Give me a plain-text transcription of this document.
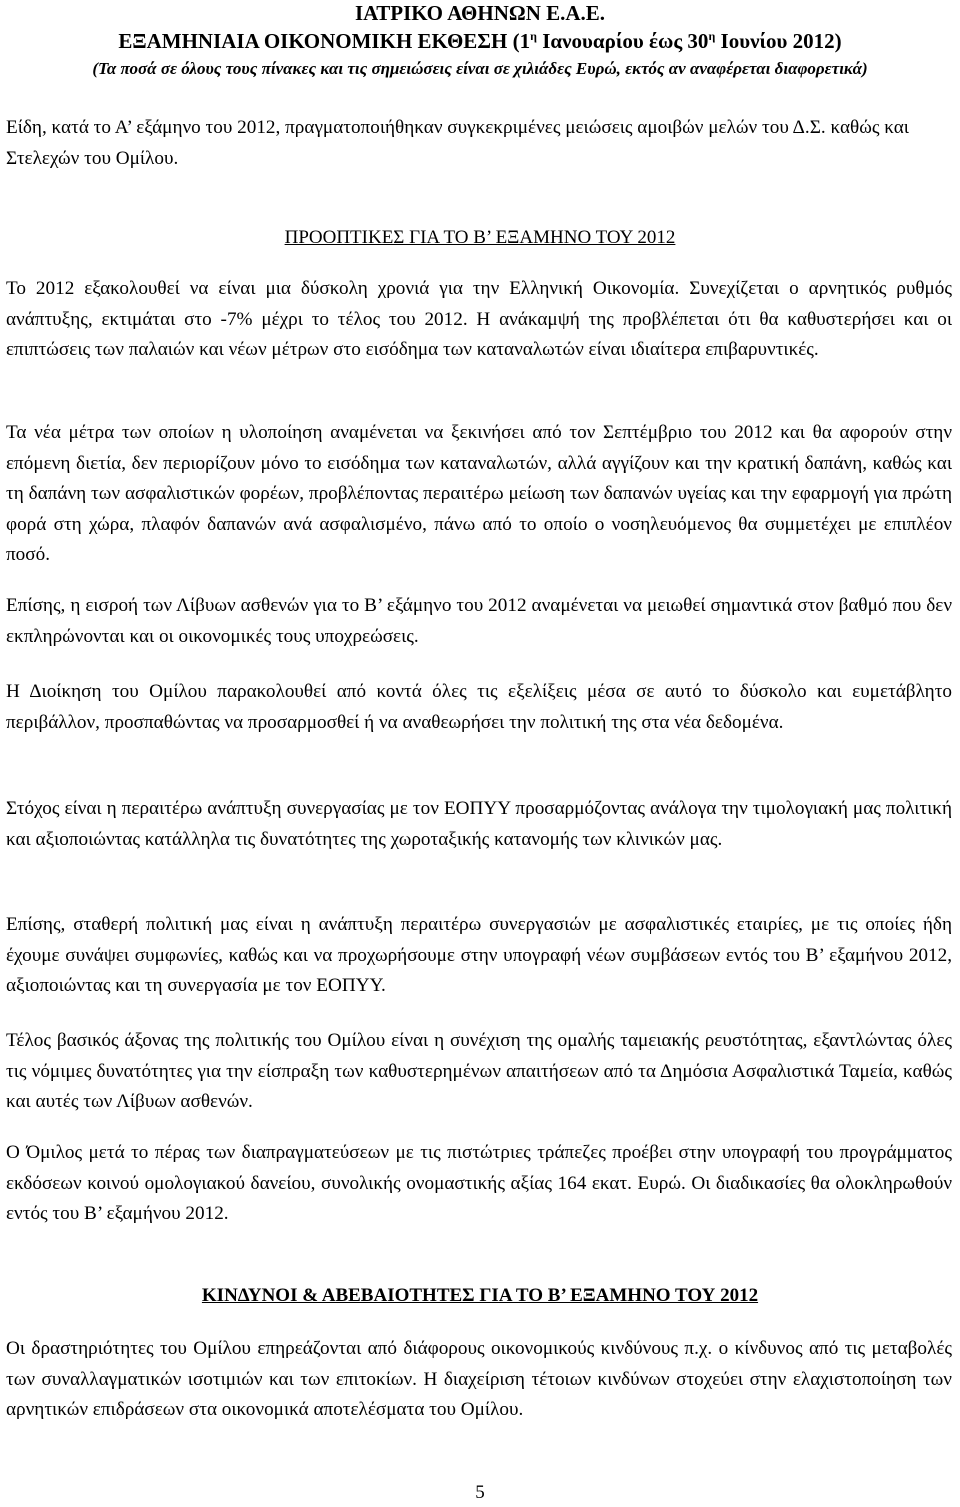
ΙΑΤΡΙΚΟ ΑΘΗΝΩΝ Ε.Α.Ε.
ΕΞΑΜΗΝΙΑΙΑ ΟΙΚΟΝΟΜΙΚΗ ΕΚΘΕΣΗ ($1^\eta$ Ιανουαρίου έως $30^\eta$ Ιουνίου 2012)
(Τα ποσά σε όλους τους πίνακες και τις σημειώσεις είναι σε χιλιάδες Ευρώ, εκτός αν αναφέρεται διαφορετικά)

Είδη, κατά το Α’ εξάμηνο του 2012, πραγματοποιήθηκαν συγκεκριμένες μειώσεις αμοιβών μελών του Δ.Σ. καθώς και Στελεχών του Ομίλου.

ΠΡΟΟΠΤΙΚΕΣ ΓΙΑ ΤΟ Β’ ΕΞΑΜΗΝΟ ΤΟΥ 2012

Το 2012 εξακολουθεί να είναι μια δύσκολη χρονιά για την Ελληνική Οικονομία. Συνεχίζεται ο αρνητικός ρυθμός ανάπτυξης, εκτιμάται στο -7% μέχρι το τέλος του 2012. Η ανάκαμψή της προβλέπεται ότι θα καθυστερήσει και οι επιπτώσεις των παλαιών και νέων μέτρων στο εισόδημα των καταναλωτών είναι ιδιαίτερα επιβαρυντικές.

Τα νέα μέτρα των οποίων η υλοποίηση αναμένεται να ξεκινήσει από τον Σεπτέμβριο του 2012 και θα αφορούν στην επόμενη διετία, δεν περιορίζουν μόνο το εισόδημα των καταναλωτών, αλλά αγγίζουν και την κρατική δαπάνη, καθώς και τη δαπάνη των ασφαλιστικών φορέων, προβλέποντας περαιτέρω μείωση των δαπανών υγείας και την εφαρμογή για πρώτη φορά στη χώρα, πλαφόν δαπανών ανά ασφαλισμένο, πάνω από το οποίο ο νοσηλευόμενος θα συμμετέχει με επιπλέον ποσό.

Επίσης, η εισροή των Λίβυων ασθενών για το Β’ εξάμηνο του 2012 αναμένεται να μειωθεί σημαντικά στον βαθμό που δεν εκπληρώνονται και οι οικονομικές τους υποχρεώσεις.

Η Διοίκηση του Ομίλου παρακολουθεί από κοντά όλες τις εξελίξεις μέσα σε αυτό το δύσκολο και ευμετάβλητο περιβάλλον, προσπαθώντας να προσαρμοσθεί ή να αναθεωρήσει την πολιτική της στα νέα δεδομένα.

Στόχος είναι η περαιτέρω ανάπτυξη συνεργασίας με τον ΕΟΠΥΥ προσαρμόζοντας ανάλογα την τιμολογιακή μας πολιτική και αξιοποιώντας κατάλληλα τις δυνατότητες της χωροταξικής κατανομής των κλινικών μας.

Επίσης, σταθερή πολιτική μας είναι η ανάπτυξη περαιτέρω συνεργασιών με ασφαλιστικές εταιρίες, με τις οποίες ήδη έχουμε συνάψει συμφωνίες, καθώς και να προχωρήσουμε στην υπογραφή νέων συμβάσεων εντός του Β’ εξαμήνου 2012, αξιοποιώντας και τη συνεργασία με τον ΕΟΠΥΥ.

Τέλος βασικός άξονας της πολιτικής του Ομίλου είναι η συνέχιση της ομαλής ταμειακής ρευστότητας, εξαντλώντας όλες τις νόμιμες δυνατότητες για την είσπραξη των καθυστερημένων απαιτήσεων από τα Δημόσια Ασφαλιστικά Ταμεία, καθώς και αυτές των Λίβυων ασθενών.

Ο Όμιλος μετά το πέρας των διαπραγματεύσεων με τις πιστώτριες τράπεζες προέβει στην υπογραφή του προγράμματος εκδόσεων κοινού ομολογιακού δανείου, συνολικής ονομαστικής αξίας 164 εκατ. Ευρώ. Οι διαδικασίες θα ολοκληρωθούν εντός του Β’ εξαμήνου 2012.

ΚΙΝΔΥΝΟΙ & ΑΒΕΒΑΙΟΤΗΤΕΣ ΓΙΑ ΤΟ Β’ ΕΞΑΜΗΝΟ ΤΟΥ 2012

Οι δραστηριότητες του Ομίλου επηρεάζονται από διάφορους οικονομικούς κινδύνους π.χ. ο κίνδυνος από τις μεταβολές των συναλλαγματικών ισοτιμιών και των επιτοκίων. Η διαχείριση τέτοιων κινδύνων στοχεύει στην ελαχιστοποίηση των αρνητικών επιδράσεων στα οικονομικά αποτελέσματα του Ομίλου.

5
